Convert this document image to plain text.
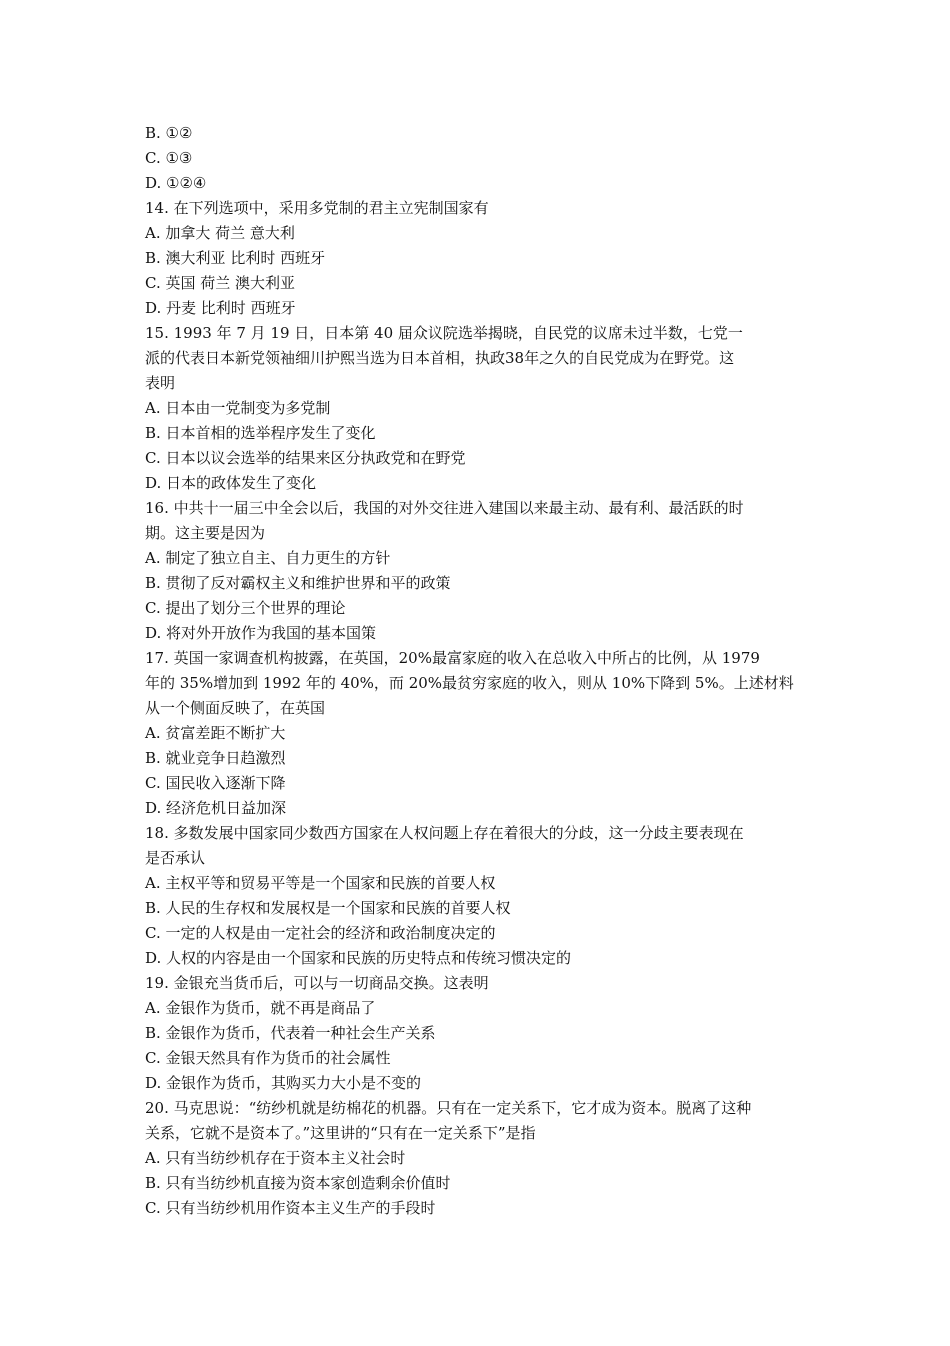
B. ①②

C. ①③

D. ①②④

14. 在下列选项中，采用多党制的君主立宪制国家有

A. 加拿大 荷兰 意大利

B. 澳大利亚 比利时 西班牙

C. 英国 荷兰 澳大利亚

D. 丹麦 比利时 西班牙

15. 1993 年 7 月 19 日，日本第 40 届众议院选举揭晓，自民党的议席未过半数，七党一

派的代表日本新党领袖细川护熙当选为日本首相，执政38年之久的自民党成为在野党。这

表明

A. 日本由一党制变为多党制

B. 日本首相的选举程序发生了变化

C. 日本以议会选举的结果来区分执政党和在野党

D. 日本的政体发生了变化

16. 中共十一届三中全会以后，我国的对外交往进入建国以来最主动、最有利、最活跃的时

期。这主要是因为

A. 制定了独立自主、自力更生的方针

B. 贯彻了反对霸权主义和维护世界和平的政策

C. 提出了划分三个世界的理论

D. 将对外开放作为我国的基本国策

17. 英国一家调查机构披露，在英国，20%最富家庭的收入在总收入中所占的比例，从 1979

年的 35%增加到 1992 年的 40%，而 20%最贫穷家庭的收入，则从 10%下降到 5%。上述材料

从一个侧面反映了，在英国

A. 贫富差距不断扩大

B. 就业竞争日趋激烈

C. 国民收入逐渐下降

D. 经济危机日益加深

18. 多数发展中国家同少数西方国家在人权问题上存在着很大的分歧，这一分歧主要表现在

是否承认

A. 主权平等和贸易平等是一个国家和民族的首要人权

B. 人民的生存权和发展权是一个国家和民族的首要人权

C. 一定的人权是由一定社会的经济和政治制度决定的

D. 人权的内容是由一个国家和民族的历史特点和传统习惯决定的

19. 金银充当货币后，可以与一切商品交换。这表明

A. 金银作为货币，就不再是商品了

B. 金银作为货币，代表着一种社会生产关系

C. 金银天然具有作为货币的社会属性

D. 金银作为货币，其购买力大小是不变的

20. 马克思说：“纺纱机就是纺棉花的机器。只有在一定关系下，它才成为资本。脱离了这种

关系，它就不是资本了。”这里讲的“只有在一定关系下”是指

A. 只有当纺纱机存在于资本主义社会时

B. 只有当纺纱机直接为资本家创造剩余价值时

C. 只有当纺纱机用作资本主义生产的手段时
